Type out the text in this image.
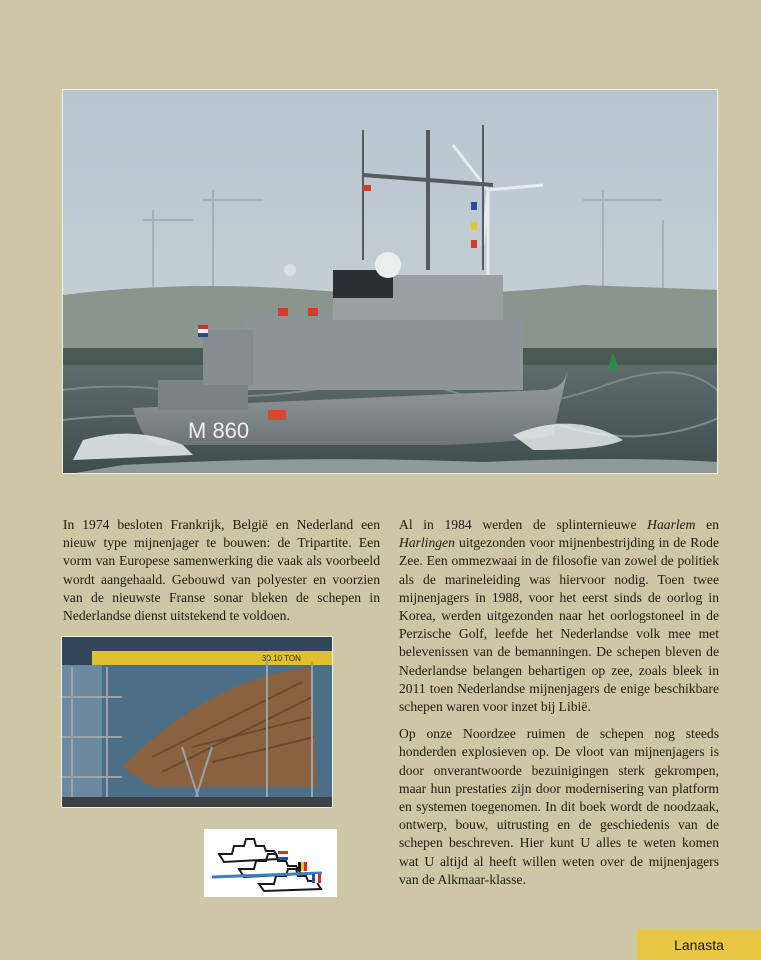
M 860

In 1974 besloten Frankrijk, België en Nederland een nieuw type mijnenjager te bouwen: de Tripartite. Een vorm van Europese samenwerking die vaak als voorbeeld wordt aangehaald. Gebouwd van polyester en voorzien van de nieuwste Franse sonar bleken de schepen in Nederlandse dienst uitstekend te voldoen.

Al in 1984 werden de splinternieuwe Haarlem en Harlingen uitgezonden voor mijnenbestrijding in de Rode Zee. Een ommezwaai in de filosofie van zowel de politiek als de marineleiding was hiervoor nodig. Toen twee mijnenjagers in 1988, voor het eerst sinds de oorlog in Korea, werden uitgezonden naar het oorlogstoneel in de Perzische Golf, leefde het Nederlandse volk mee met belevenissen van de bemanningen. De schepen bleven de Nederlandse belangen behartigen op zee, zoals bleek in 2011 toen Nederlandse mijnenjagers de enige beschikbare schepen waren voor inzet bij Libië.

Op onze Noordzee ruimen de schepen nog steeds honderden explosieven op. De vloot van mijnenjagers is door onverantwoorde bezuinigingen sterk gekrompen, maar hun prestaties zijn door modernisering van platform en systemen toegenomen. In dit boek wordt de noodzaak, ontwerp, bouw, uitrusting en de geschiedenis van de schepen beschreven. Hier kunt U alles te weten komen wat U altijd al heeft willen weten over de mijnenjagers van de Alkmaar-klasse.

30.10 TON
Lanasta
